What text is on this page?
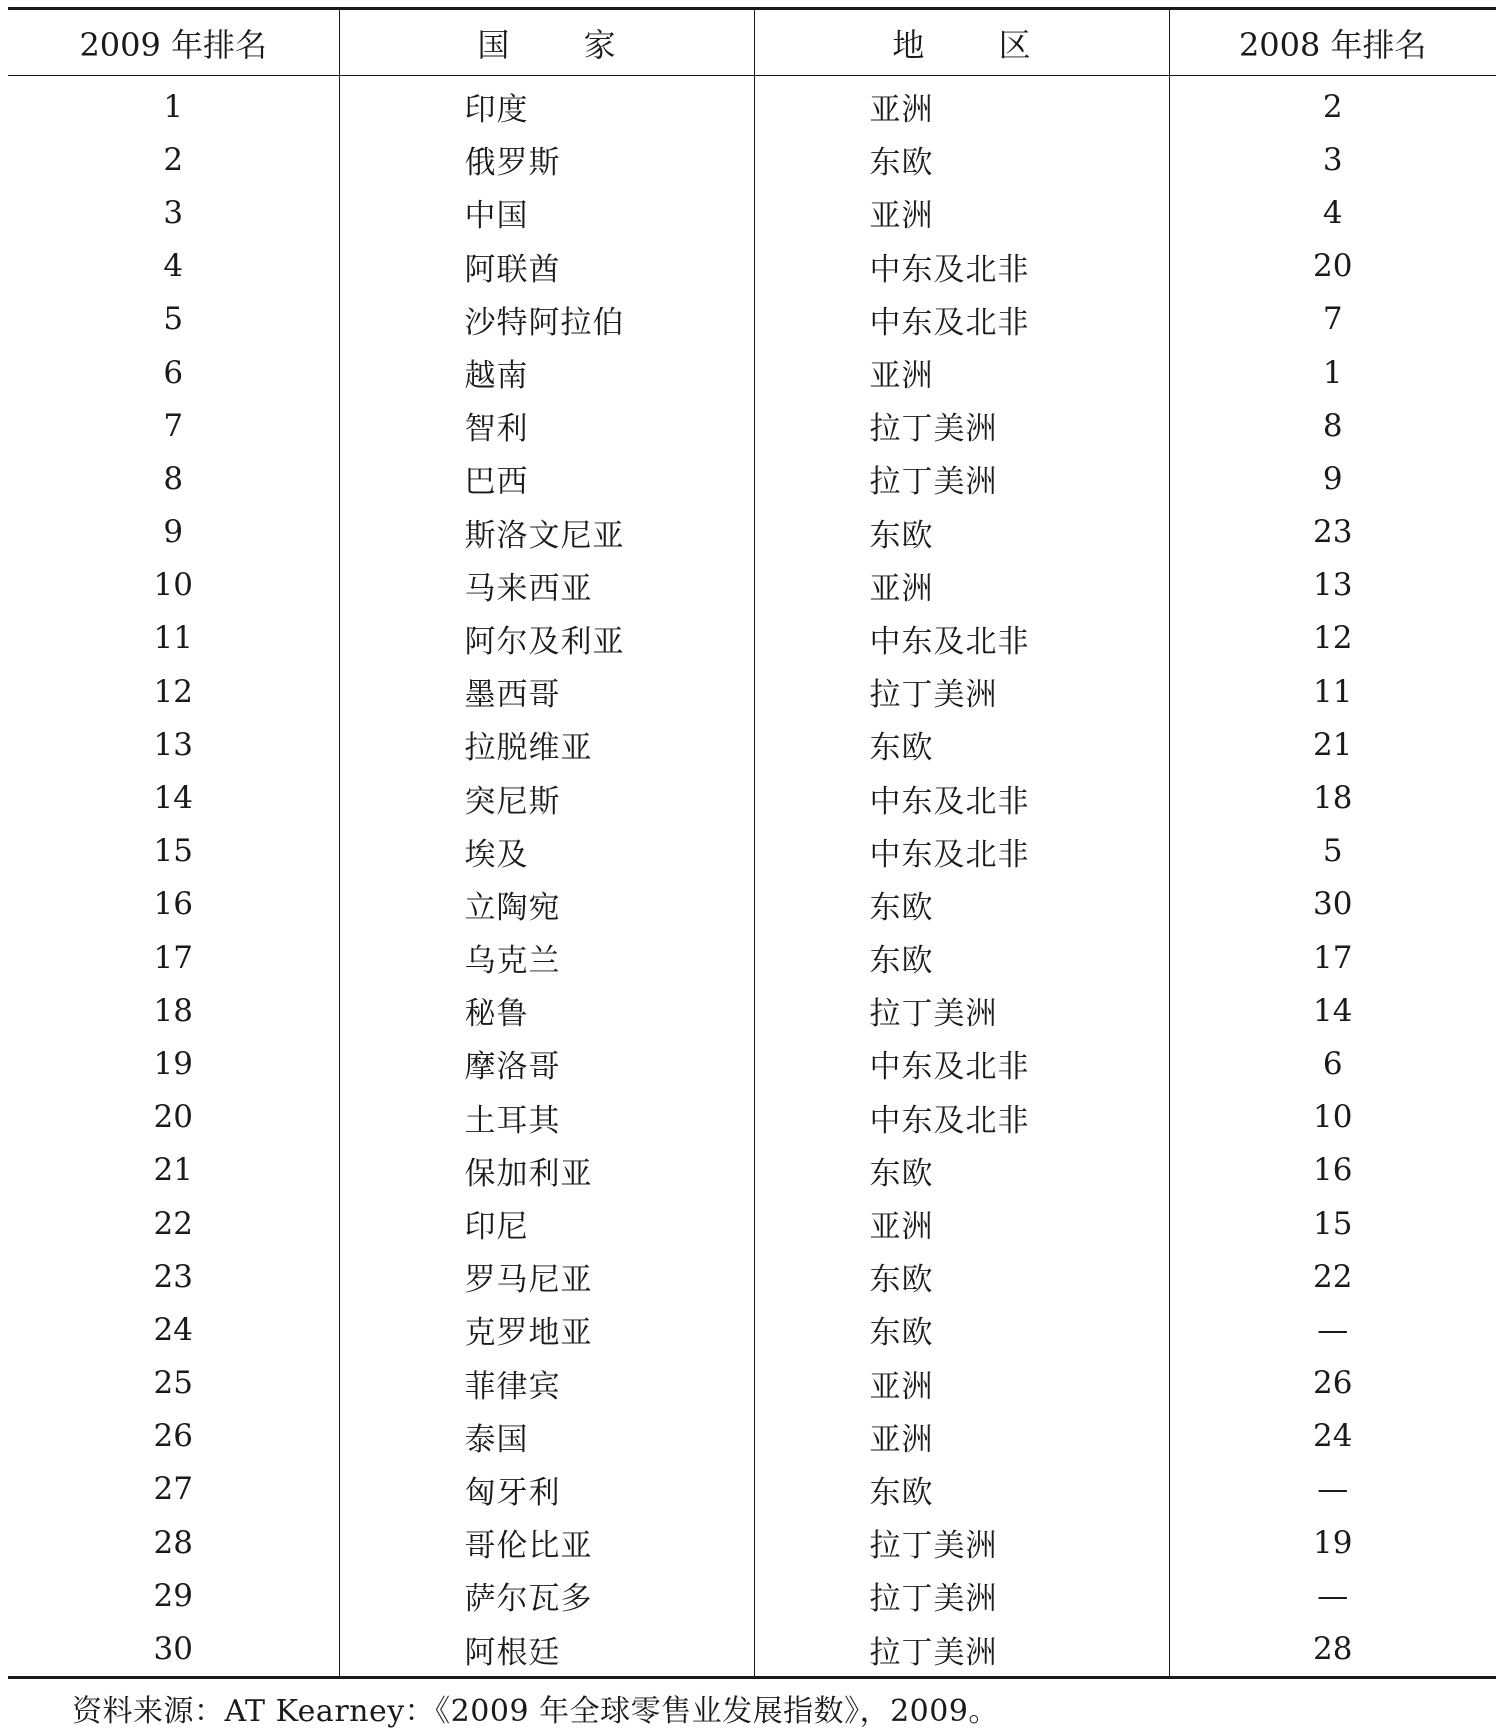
2009 年排名	国 家	地 区	2008 年排名
1	印度	亚洲	2
2	俄罗斯	东欧	3
3	中国	亚洲	4
4	阿联酋	中东及北非	20
5	沙特阿拉伯	中东及北非	7
6	越南	亚洲	1
7	智利	拉丁美洲	8
8	巴西	拉丁美洲	9
9	斯洛文尼亚	东欧	23
10	马来西亚	亚洲	13
11	阿尔及利亚	中东及北非	12
12	墨西哥	拉丁美洲	11
13	拉脱维亚	东欧	21
14	突尼斯	中东及北非	18
15	埃及	中东及北非	5
16	立陶宛	东欧	30
17	乌克兰	东欧	17
18	秘鲁	拉丁美洲	14
19	摩洛哥	中东及北非	6
20	土耳其	中东及北非	10
21	保加利亚	东欧	16
22	印尼	亚洲	15
23	罗马尼亚	东欧	22
24	克罗地亚	东欧	—
25	菲律宾	亚洲	26
26	泰国	亚洲	24
27	匈牙利	东欧	—
28	哥伦比亚	拉丁美洲	19
29	萨尔瓦多	拉丁美洲	—
30	阿根廷	拉丁美洲	28
资料来源：AT Kearney：《2009 年全球零售业发展指数》，2009。
